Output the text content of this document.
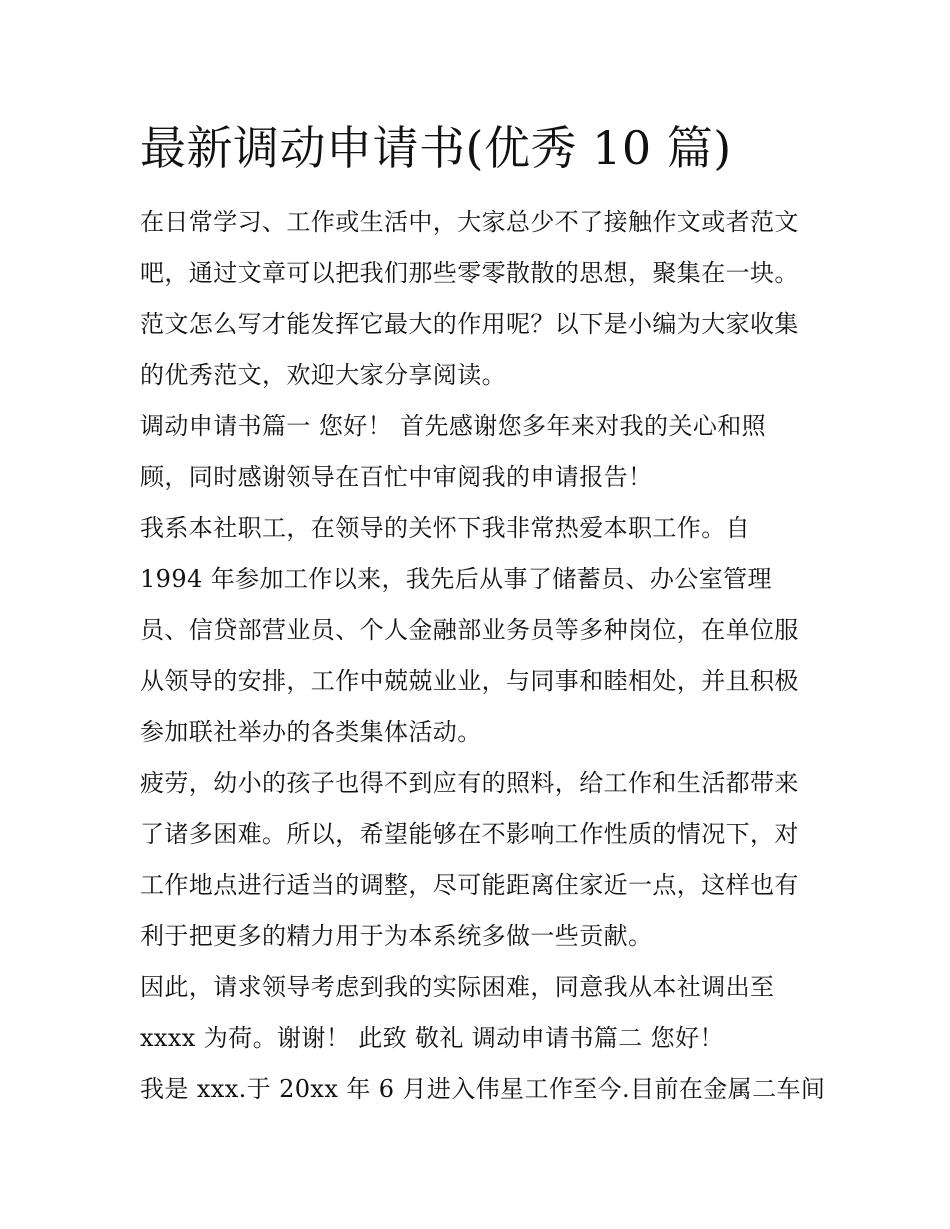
最新调动申请书(优秀 10 篇)
在日常学习、工作或生活中，大家总少不了接触作文或者范文
吧，通过文章可以把我们那些零零散散的思想，聚集在一块。
范文怎么写才能发挥它最大的作用呢？以下是小编为大家收集
的优秀范文，欢迎大家分享阅读。
调动申请书篇一 您好！ 首先感谢您多年来对我的关心和照
顾，同时感谢领导在百忙中审阅我的申请报告！
我系本社职工，在领导的关怀下我非常热爱本职工作。自
1994 年参加工作以来，我先后从事了储蓄员、办公室管理
员、信贷部营业员、个人金融部业务员等多种岗位，在单位服
从领导的安排，工作中兢兢业业，与同事和睦相处，并且积极
参加联社举办的各类集体活动。
疲劳，幼小的孩子也得不到应有的照料，给工作和生活都带来
了诸多困难。所以，希望能够在不影响工作性质的情况下，对
工作地点进行适当的调整，尽可能距离住家近一点，这样也有
利于把更多的精力用于为本系统多做一些贡献。
因此，请求领导考虑到我的实际困难，同意我从本社调出至
xxxx 为荷。谢谢！ 此致 敬礼 调动申请书篇二 您好！
我是 xxx.于 20xx 年 6 月进入伟星工作至今.目前在金属二车间
